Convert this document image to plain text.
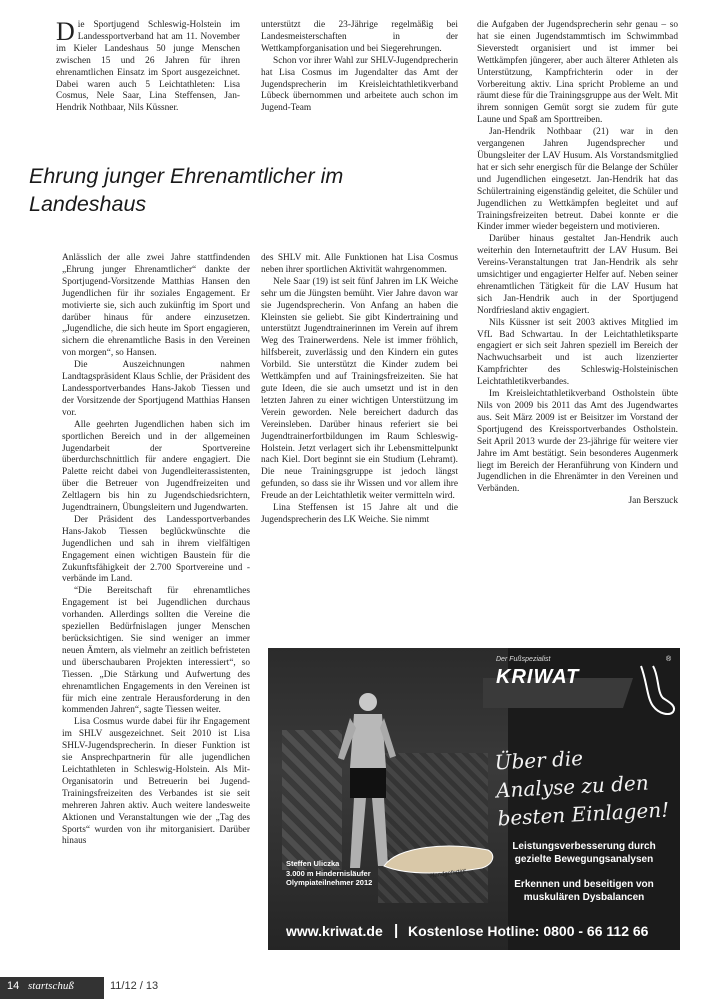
Die Sportjugend Schleswig-Holstein im Landessportverband hat am 11. November im Kieler Landeshaus 50 junge Menschen zwischen 15 und 26 Jahren für ihren ehrenamtlichen Einsatz im Sport ausgezeichnet. Dabei waren auch 5 Leichtathleten: Lisa Cosmus, Nele Saar, Lina Steffensen, Jan-Hendrik Nothbaar, Nils Küssner.

unterstützt die 23-Jährige regelmäßig bei Landesmeisterschaften in der Wettkampforganisation und bei Siegerehrungen.

Schon vor ihrer Wahl zur SHLV-Jugendprecherin hat Lisa Cosmus im Jugendalter das Amt der Jugendsprecherin im Kreisleichtathletikverband Lübeck übernommen und arbeitete auch schon im Jugend-Team

Ehrung junger Ehrenamtlicher im Landeshaus

Anlässlich der alle zwei Jahre stattfindenden „Ehrung junger Ehrenamtlicher“ dankte der Sportjugend-Vorsitzende Matthias Hansen den Jugendlichen für ihr soziales Engagement. Er motivierte sie, sich auch zukünftig im Sport und darüber hinaus für andere einzusetzen. „Jugendliche, die sich heute im Sport engagieren, sichern die ehrenamtliche Basis in den Vereinen von morgen“, so Hansen.

Die Auszeichnungen nahmen Landtagspräsident Klaus Schlie, der Präsident des Landessportverbandes Hans-Jakob Tiessen und der Vorsitzende der Sportjugend Matthias Hansen vor.

Alle geehrten Jugendlichen haben sich im sportlichen Bereich und in der allgemeinen Jugendarbeit der Sportvereine überdurchschnittlich für andere engagiert. Die Palette reicht dabei von Jugendleiterassistenten, über die Betreuer von Jugendfreizeiten und Zeltlagern bis hin zu Jugendschiedsrichtern, Jugendtrainern, Übungsleitern und Jugendwarten.

Der Präsident des Landessportverbandes Hans-Jakob Tiessen beglückwünschte die Jugendlichen und sah in ihrem vielfältigen Engagement einen wichtigen Baustein für die Zukunftsfähigkeit der 2.700 Sportvereine und -verbände im Land.

“Die Bereitschaft für ehrenamtliches Engagement ist bei Jugendlichen durchaus vorhanden. Allerdings sollten die Vereine die speziellen Bedürfnislagen junger Menschen berücksichtigen. Sie sind weniger an immer neuen Ämtern, als vielmehr an zeitlich befristeten und überschaubaren Projekten interessiert“, so Tiessen. „Die Stärkung und Aufwertung des ehrenamtlichen Engagements in den Vereinen ist für mich eine zentrale Herausforderung in den kommenden Jahren“, sagte Tiessen weiter.

Lisa Cosmus wurde dabei für ihr Engagement im SHLV ausgezeichnet. Seit 2010 ist Lisa SHLV-Jugendsprecherin. In dieser Funktion ist sie Ansprechpartnerin für alle jugendlichen Leichtathleten in Schleswig-Holstein. Als Mit-Organisatorin und Betreuerin bei Jugend-Trainingsfreizeiten des Verbandes ist sie seit mehreren Jahren aktiv. Auch weitere landesweite Aktionen und Veranstaltungen wie der „Tag des Sports“ wurden von ihr mitorganisiert. Darüber hinaus

des SHLV mit. Alle Funktionen hat Lisa Cosmus neben ihrer sportlichen Aktivität wahrgenommen.

Nele Saar (19) ist seit fünf Jahren im LK Weiche sehr um die Jüngsten bemüht. Vier Jahre davon war sie Jugendsprecherin. Von Anfang an haben die Kleinsten sie geliebt. Sie gibt Kindertraining und unterstützt Jugendtrainerinnen im Verein auf ihrem Weg des Trainerwerdens. Nele ist immer fröhlich, hilfsbereit, zuverlässig und den Kindern ein gutes Vorbild. Sie unterstützt die Kinder zudem bei Wettkämpfen und auf Trainingsfreizeiten. Sie hat gute Ideen, die sie auch umsetzt und ist in den letzten Jahren zu einer wichtigen Unterstützung im Verein geworden. Nele bereichert dadurch das Vereinsleben. Darüber hinaus referiert sie bei Jugendtrainerfortbildungen im Raum Schleswig-Holstein. Jetzt verlagert sich ihr Lebensmittelpunkt nach Kiel. Dort beginnt sie ein Studium (Lehramt). Die neue Trainingsgruppe ist jedoch längst gefunden, so dass sie ihr Wissen und vor allem ihre Freude an der Leichtathletik weiter vermitteln wird.

Lina Steffensen ist 15 Jahre alt und die Jugendsprecherin des LK Weiche. Sie nimmt

die Aufgaben der Jugendsprecherin sehr genau – so hat sie einen Jugendstammtisch im Schwimmbad Sieverstedt organisiert und ist immer bei Wettkämpfen jüngerer, aber auch älterer Athleten als Unterstützung, Kampfrichterin oder in der Vorbereitung aktiv. Lina spricht Probleme an und räumt diese für die Trainingsgruppe aus der Welt. Mit ihrem sonnigen Gemüt sorgt sie zudem für gute Laune und Spaß am Sporttreiben.

Jan-Hendrik Nothbaar (21) war in den vergangenen Jahren Jugendsprecher und Übungsleiter der LAV Husum. Als Vorstandsmitglied hat er sich sehr energisch für die Belange der Schüler und Jugendlichen eingesetzt. Jan-Hendrik hat das Schülertraining eigenständig geleitet, die Schüler und Jugendlichen zu Wettkämpfen begleitet und auf Trainingsfreizeiten betreut. Dabei konnte er die Kinder immer wieder begeistern und motivieren.

Darüber hinaus gestaltet Jan-Hendrik auch weiterhin den Internetauftritt der LAV Husum. Bei Vereins-Veranstaltungen trat Jan-Hendrik als sehr umsichtiger und engagierter Helfer auf. Neben seiner ehrenamtlichen Tätigkeit für die LAV Husum hat sich Jan-Hendrik auch in der Sportjugend Nordfriesland aktiv engagiert.

Nils Küssner ist seit 2003 aktives Mitglied im VfL Bad Schwartau. In der Leichtathletiksparte engagiert er sich seit Jahren speziell im Bereich der Nachwuchsarbeit und ist auch lizenzierter Kampfrichter des Schleswig-Holsteinischen Leichtathletikverbandes.

Im Kreisleichtathletikverband Ostholstein übte Nils von 2009 bis 2011 das Amt des Jugendwartes aus. Seit März 2009 ist er Beisitzer im Vorstand der Sportjugend des Kreissportverbandes Ostholstein. Seit April 2013 wurde der 23-jährige für weitere vier Jahre im Amt bestätigt. Sein besonderes Augenmerk liegt im Bereich der Heranführung von Kindern und Jugendlichen in die Ehrenämter in den Vereinen und Verbänden.

Jan Berszuck

Handgefertigt
Steffen Uliczka
3.000 m Hindernisläufer
Olympiateilnehmer 2012
Der Fußspezialist
KRIWAT
®
Über die
Analyse zu den
besten Einlagen!
Leistungsverbesserung durch gezielte Bewegungsanalysen
Erkennen und beseitigen von muskulären Dysbalancen
www.kriwat.de | Kostenlose Hotline: 0800 - 66 112 66
14 startschuß	11/12 / 13
